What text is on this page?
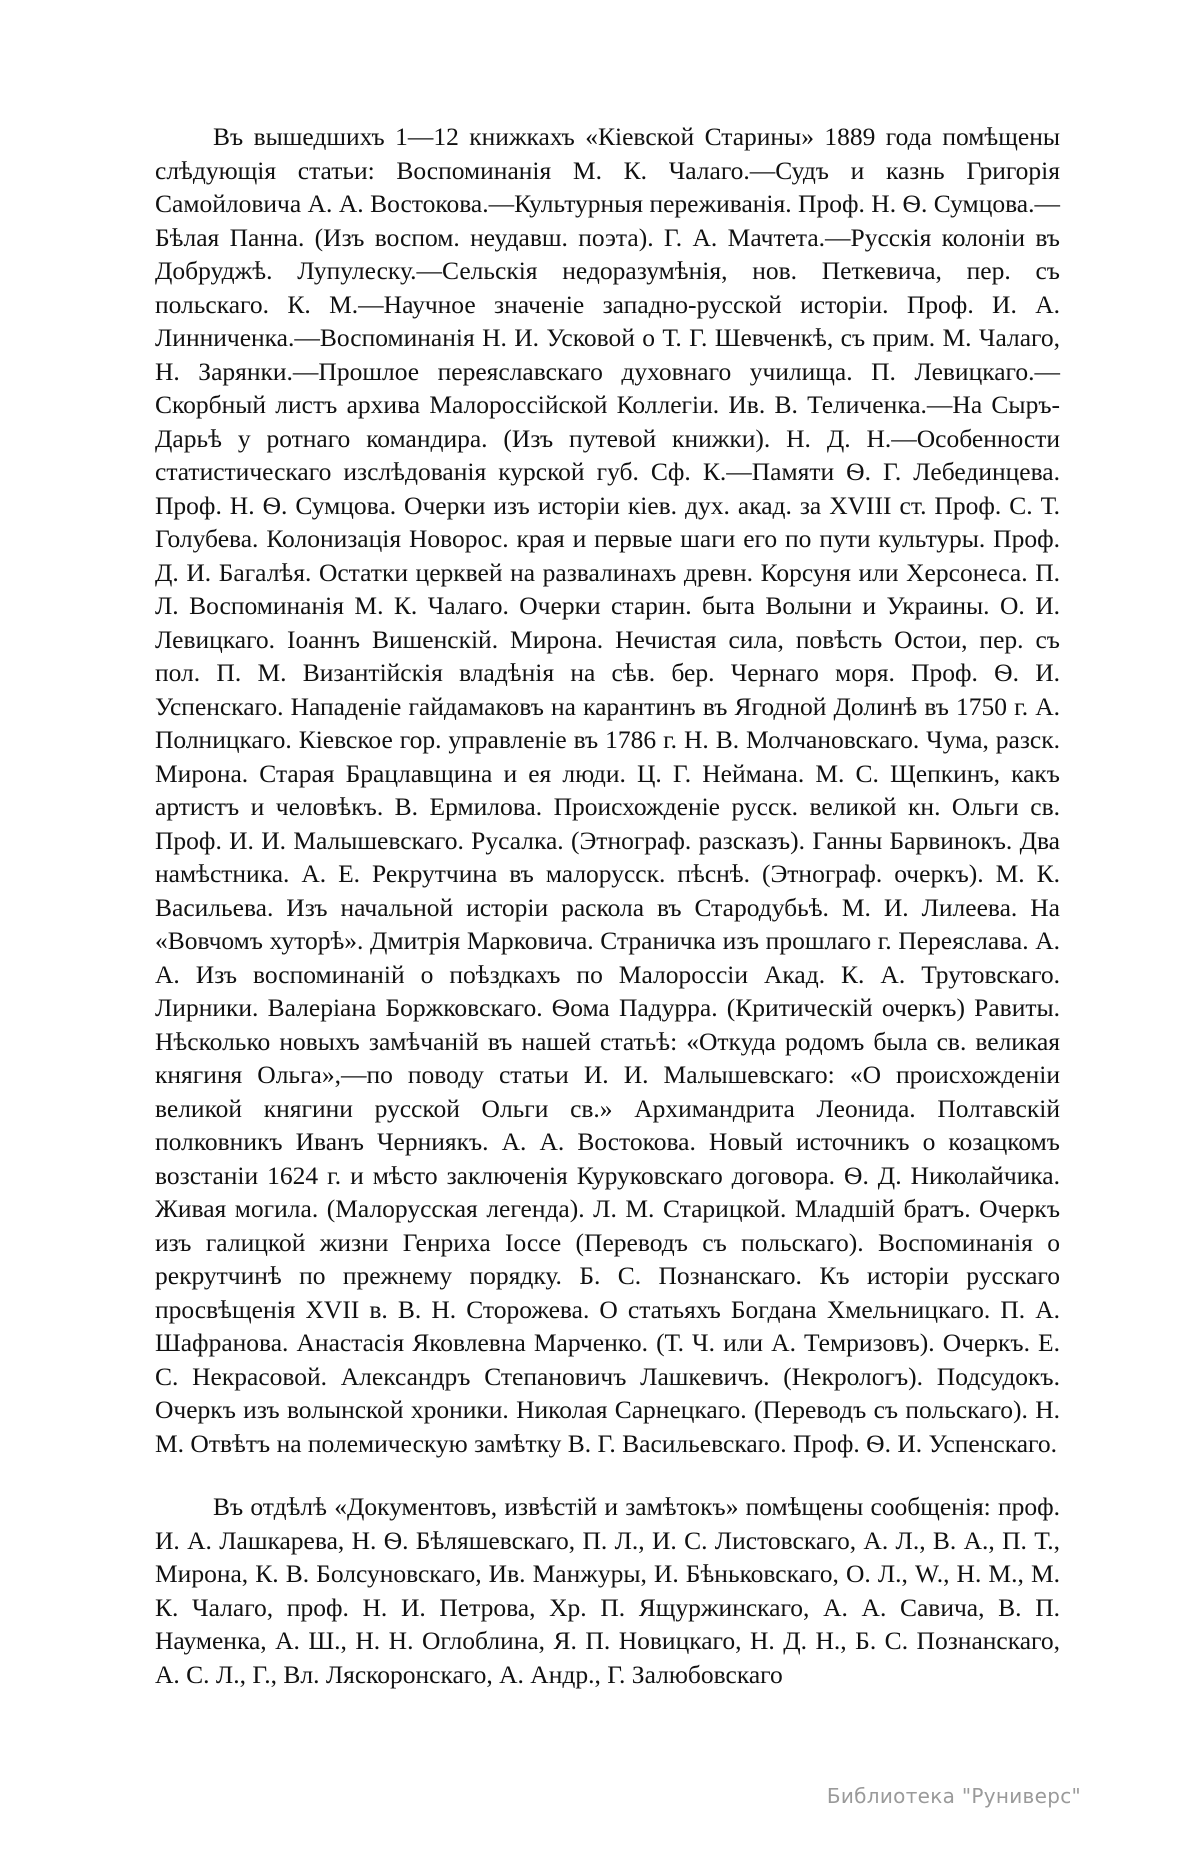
Въ вышедшихъ 1—12 книжкахъ «Кіевской Старины» 1889 года помѣщены слѣдующія статьи: Воспоминанія М. К. Чалаго.—Судъ и казнь Григорія Самойловича А. А. Востокова.—Культурныя переживанія. Проф. Н. Ѳ. Сумцова.—Бѣлая Панна. (Изъ воспом. неудавш. поэта). Г. А. Мачтета.—Русскія колоніи въ Добруджѣ. Лупулеску.—Сельскія недоразумѣнія, нов. Петкевича, пер. съ польскаго. К. М.—Научное значеніе западно-русской исторіи. Проф. И. А. Линниченка.—Воспоминанія Н. И. Усковой о Т. Г. Шевченкѣ, съ прим. М. Чалаго, Н. Зарянки.—Прошлое переяславскаго духовнаго училища. П. Левицкаго.—Скорбный листъ архива Малороссійской Коллегіи. Ив. В. Теличенка.—На Сыръ-Дарьѣ у ротнаго командира. (Изъ путевой книжки). Н. Д. Н.—Особенности статистическаго изслѣдованія курской губ. Сф. К.—Памяти Ѳ. Г. Лебединцева. Проф. Н. Ѳ. Сумцова. Очерки изъ исторіи кіев. дух. акад. за XVIII ст. Проф. С. Т. Голубева. Колонизація Новорос. края и первые шаги его по пути культуры. Проф. Д. И. Багалѣя. Остатки церквей на развалинахъ древн. Корсуня или Херсонеса. П. Л. Воспоминанія М. К. Чалаго. Очерки старин. быта Волыни и Украины. О. И. Левицкаго. Іоаннъ Вишенскій. Мирона. Нечистая сила, повѣсть Остои, пер. съ пол. П. М. Византійскія владѣнія на сѣв. бер. Чернаго моря. Проф. Ѳ. И. Успенскаго. Нападеніе гайдамаковъ на карантинъ въ Ягодной Долинѣ въ 1750 г. А. Полницкаго. Кіевское гор. управленіе въ 1786 г. Н. В. Молчановскаго. Чума, разск. Мирона. Старая Брацлавщина и ея люди. Ц. Г. Неймана. М. С. Щепкинъ, какъ артистъ и человѣкъ. В. Ермилова. Происхожденіе русск. великой кн. Ольги св. Проф. И. И. Малышевскаго. Русалка. (Этнограф. разсказъ). Ганны Барвинокъ. Два намѣстника. А. Е. Рекрутчина въ малорусск. пѣснѣ. (Этнограф. очеркъ). М. К. Васильева. Изъ начальной исторіи раскола въ Стародубьѣ. М. И. Лилеева. На «Вовчомъ хуторѣ». Дмитрія Марковича. Страничка изъ прошлаго г. Переяслава. А. А. Изъ воспоминаній о поѣздкахъ по Малороссіи Акад. К. А. Трутовскаго. Лирники. Валеріана Боржковскаго. Ѳома Падурра. (Критическій очеркъ) Равиты. Нѣсколько новыхъ замѣчаній въ нашей статьѣ: «Откуда родомъ была св. великая княгиня Ольга»,—по поводу статьи И. И. Малышевскаго: «О происхожденіи великой княгини русской Ольги св.» Архимандрита Леонида. Полтавскій полковникъ Иванъ Черниякъ. А. А. Востокова. Новый источникъ о козацкомъ возстаніи 1624 г. и мѣсто заключенія Куруковскаго договора. Ѳ. Д. Николайчика. Живая могила. (Малорусская легенда). Л. М. Старицкой. Младшій братъ. Очеркъ изъ галицкой жизни Генриха Іоссе (Переводъ съ польскаго). Воспоминанія о рекрутчинѣ по прежнему порядку. Б. С. Познанскаго. Къ исторіи русскаго просвѣщенія XVII в. В. Н. Сторожева. О статьяхъ Богдана Хмельницкаго. П. А. Шафранова. Анастасія Яковлевна Марченко. (Т. Ч. или А. Темризовъ). Очеркъ. Е. С. Некрасовой. Александръ Степановичъ Лашкевичъ. (Некрологъ). Подсудокъ. Очеркъ изъ волынской хроники. Николая Сарнецкаго. (Переводъ съ польскаго). Н. М. Отвѣтъ на полемическую замѣтку В. Г. Васильевскаго. Проф. Ѳ. И. Успенскаго.

Въ отдѣлѣ «Документовъ, извѣстій и замѣтокъ» помѣщены сообщенія: проф. И. А. Лашкарева, Н. Ѳ. Бѣляшевскаго, П. Л., И. С. Листовскаго, А. Л., В. А., П. Т., Мирона, К. В. Болсуновскаго, Ив. Манжуры, И. Бѣньковскаго, О. Л., W., Н. М., М. К. Чалаго, проф. Н. И. Петрова, Хр. П. Ящуржинскаго, А. А. Савича, В. П. Науменка, А. Ш., Н. Н. Оглоблина, Я. П. Новицкаго, Н. Д. Н., Б. С. Познанскаго, А. С. Л., Г., Вл. Ляскоронскаго, А. Андр., Г. Залюбовскаго

Библиотека "Руниверс"
